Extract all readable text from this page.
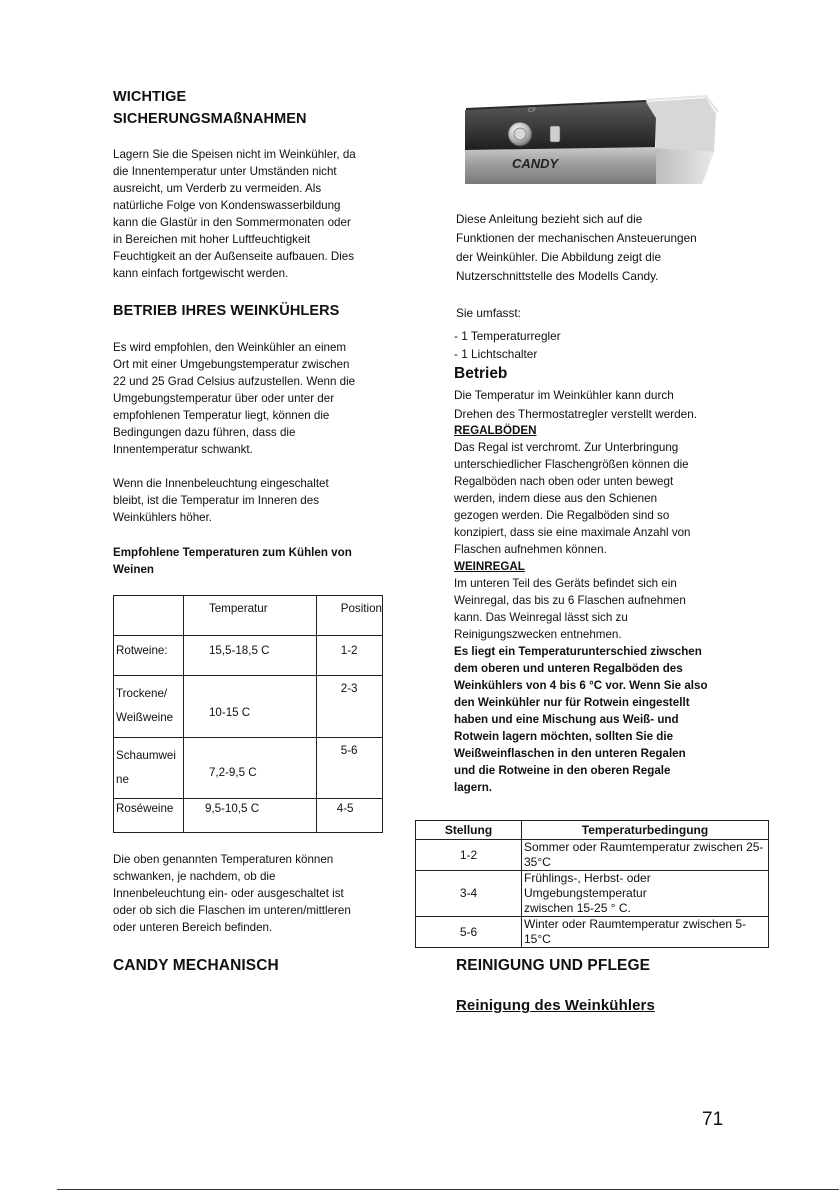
WICHTIGE
SICHERUNGSMAßNAHMEN
Lagern Sie die Speisen nicht im Weinkühler, da
die Innentemperatur unter Umständen nicht
ausreicht, um Verderb zu vermeiden. Als
natürliche Folge von Kondenswasserbildung
kann die Glastür in den Sommermonaten oder
in Bereichen mit hoher Luftfeuchtigkeit
Feuchtigkeit an der Außenseite aufbauen. Dies
kann einfach fortgewischt werden.
BETRIEB IHRES WEINKÜHLERS
Es wird empfohlen, den Weinkühler an einem
Ort mit einer Umgebungstemperatur zwischen
22 und 25 Grad Celsius aufzustellen. Wenn die
Umgebungstemperatur über oder unter der
empfohlenen Temperatur liegt, können die
Bedingungen dazu führen, dass die
Innentemperatur schwankt.
Wenn die Innenbeleuchtung eingeschaltet
bleibt, ist die Temperatur im Inneren des
Weinkühlers höher.
Empfohlene Temperaturen zum Kühlen von
Weinen
	Temperatur	Position
Rotweine:	15,5-18,5 C	1-2

Trockene/
Weißweine	10-15 C	2-3

Schaumwei
ne	7,2-9,5 C	5-6
Roséweine	9,5-10,5 C	4-5
Die oben genannten Temperaturen können
schwanken, je nachdem, ob die
Innenbeleuchtung ein- oder ausgeschaltet ist
oder ob sich die Flaschen im unteren/mittleren
oder unteren Bereich befinden.
CANDY MECHANISCH
CF
CANDY
Diese Anleitung bezieht sich auf die
Funktionen der mechanischen Ansteuerungen
der Weinkühler. Die Abbildung zeigt die
Nutzerschnittstelle des Modells Candy.
Sie umfasst:
- 1 Temperaturregler
- 1 Lichtschalter
Betrieb
Die Temperatur im Weinkühler kann durch
Drehen des Thermostatregler verstellt werden.
REGALBÖDEN
Das Regal ist verchromt. Zur Unterbringung
unterschiedlicher Flaschengrößen können die
Regalböden nach oben oder unten bewegt
werden, indem diese aus den Schienen
gezogen werden. Die Regalböden sind so
konzipiert, dass sie eine maximale Anzahl von
Flaschen aufnehmen können.
WEINREGAL
Im unteren Teil des Geräts befindet sich ein
Weinregal, das bis zu 6 Flaschen aufnehmen
kann. Das Weinregal lässt sich zu
Reinigungszwecken entnehmen.
Es liegt ein Temperaturunterschied ziwschen
dem oberen und unteren Regalböden des
Weinkühlers von 4 bis 6 °C vor. Wenn Sie also
den Weinkühler nur für Rotwein eingestellt
haben und eine Mischung aus Weiß- und
Rotwein lagern möchten, sollten Sie die
Weißweinflaschen in den unteren Regalen
und die Rotweine in den oberen Regale
lagern.
Stellung	Temperaturbedingung
1-2	Sommer oder Raumtemperatur zwischen 25-35°C
3-4	Frühlings-, Herbst- oder Umgebungstemperatur
zwischen 15-25 ° C.

5-6	Winter oder Raumtemperatur zwischen 5-15°C
REINIGUNG UND PFLEGE
Reinigung des Weinkühlers
71
